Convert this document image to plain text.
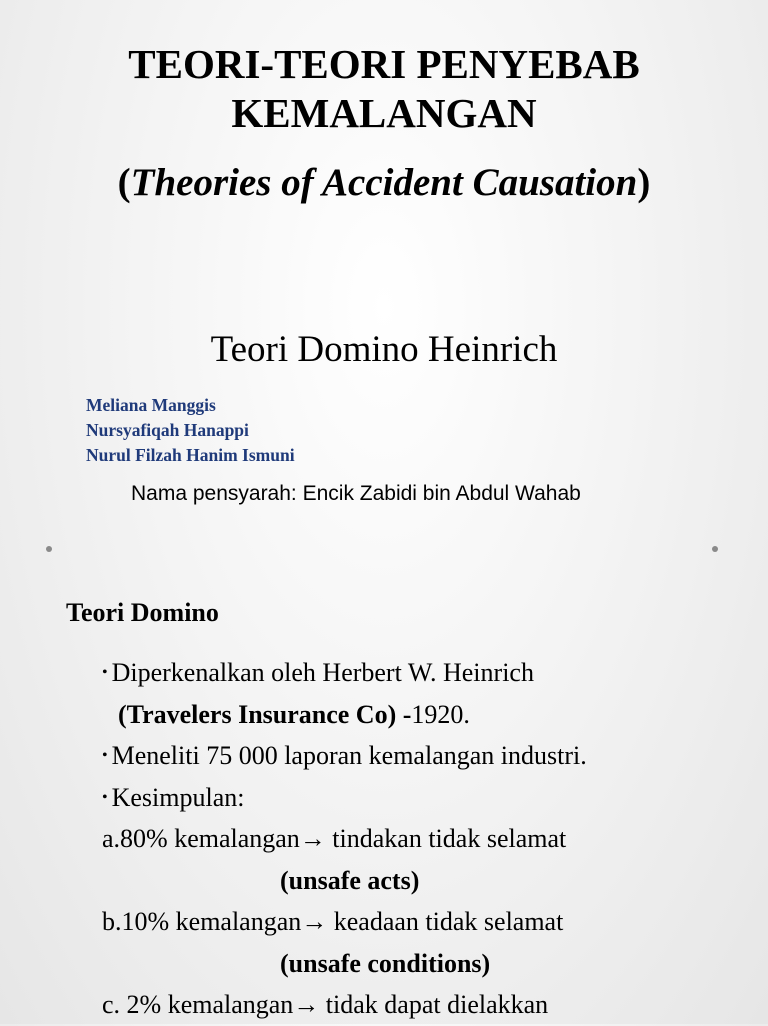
TEORI-TEORI PENYEBAB
KEMALANGAN
(Theories of Accident Causation)
Teori Domino Heinrich
Meliana Manggis
Nursyafiqah Hanappi
Nurul Filzah Hanim Ismuni
Nama pensyarah: Encik Zabidi bin Abdul Wahab
Teori Domino
• Diperkenalkan oleh Herbert W. Heinrich
(Travelers Insurance Co) -1920.
• Meneliti 75 000 laporan kemalangan industri.
• Kesimpulan:
a.80% kemalangan→ tindakan tidak selamat
(unsafe acts)
b.10% kemalangan→ keadaan tidak selamat
(unsafe conditions)
c. 2% kemalangan→ tidak dapat dielakkan
